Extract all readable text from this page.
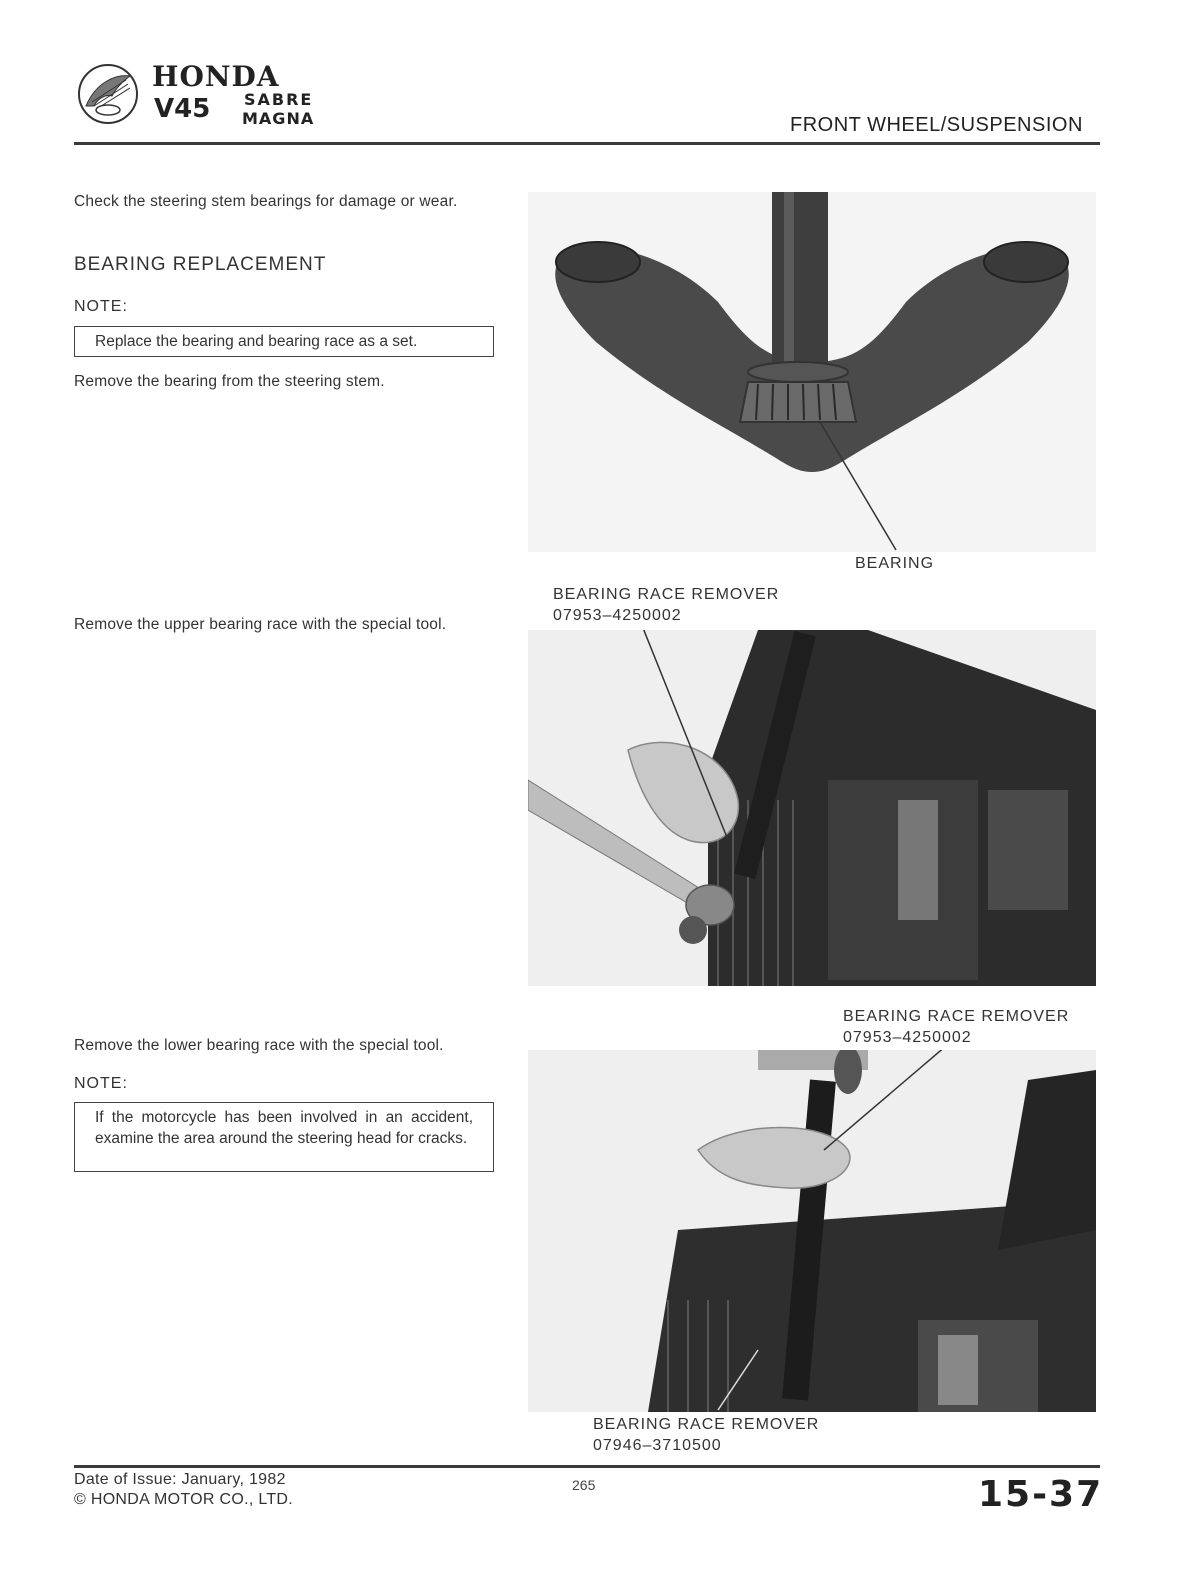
HONDA
V45 SABRE
MAGNA	FRONT WHEEL/SUSPENSION
Check the steering stem bearings for damage or wear.
BEARING REPLACEMENT
NOTE:
Replace the bearing and bearing race as a set.
Remove the bearing from the steering stem.
Remove the upper bearing race with the special tool.
Remove the lower bearing race with the special tool.
NOTE:
If the motorcycle has been involved in an accident, examine the area around the steering head for cracks.
BEARING
BEARING RACE REMOVER
07953–4250002
BEARING RACE REMOVER
07953–4250002
BEARING RACE REMOVER
07946–3710500
Date of Issue: January, 1982
© HONDA MOTOR CO., LTD.
265	15-37
